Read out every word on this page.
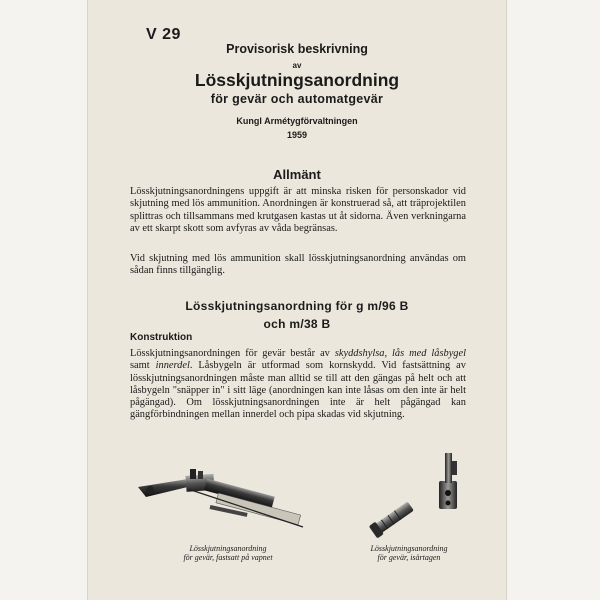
V 29
Provisorisk beskrivning
av
Lösskjutningsanordning
för gevär och automatgevär
Kungl Armétygförvaltningen
1959
Allmänt
Lösskjutningsanordningens uppgift är att minska risken för personskador vid skjutning med lös ammunition. Anordningen är konstruerad så, att träprojektilen splittras och tillsammans med krutgasen kastas ut åt sidorna. Även verkningarna av ett skarpt skott som avfyras av våda begränsas.
Vid skjutning med lös ammunition skall lösskjutningsanordning användas om sådan finns tillgänglig.
Lösskjutningsanordning för g m/96 B
och m/38 B
Konstruktion
Lösskjutningsanordningen för gevär består av skyddshylsa, lås med låsbygel samt innerdel. Låsbygeln är utformad som kornskydd. Vid fastsättning av lösskjutningsanordningen måste man alltid se till att den gängas på helt och att låsbygeln "snäpper in" i sitt läge (anordningen kan inte låsas om den inte är helt pågängad). Om lösskjutningsanordningen inte är helt pågängad kan gängförbindningen mellan innerdel och pipa skadas vid skjutning.
Lösskjutningsanordning
för gevär, fastsatt på vapnet
Lösskjutningsanordning
för gevär, isärtagen
